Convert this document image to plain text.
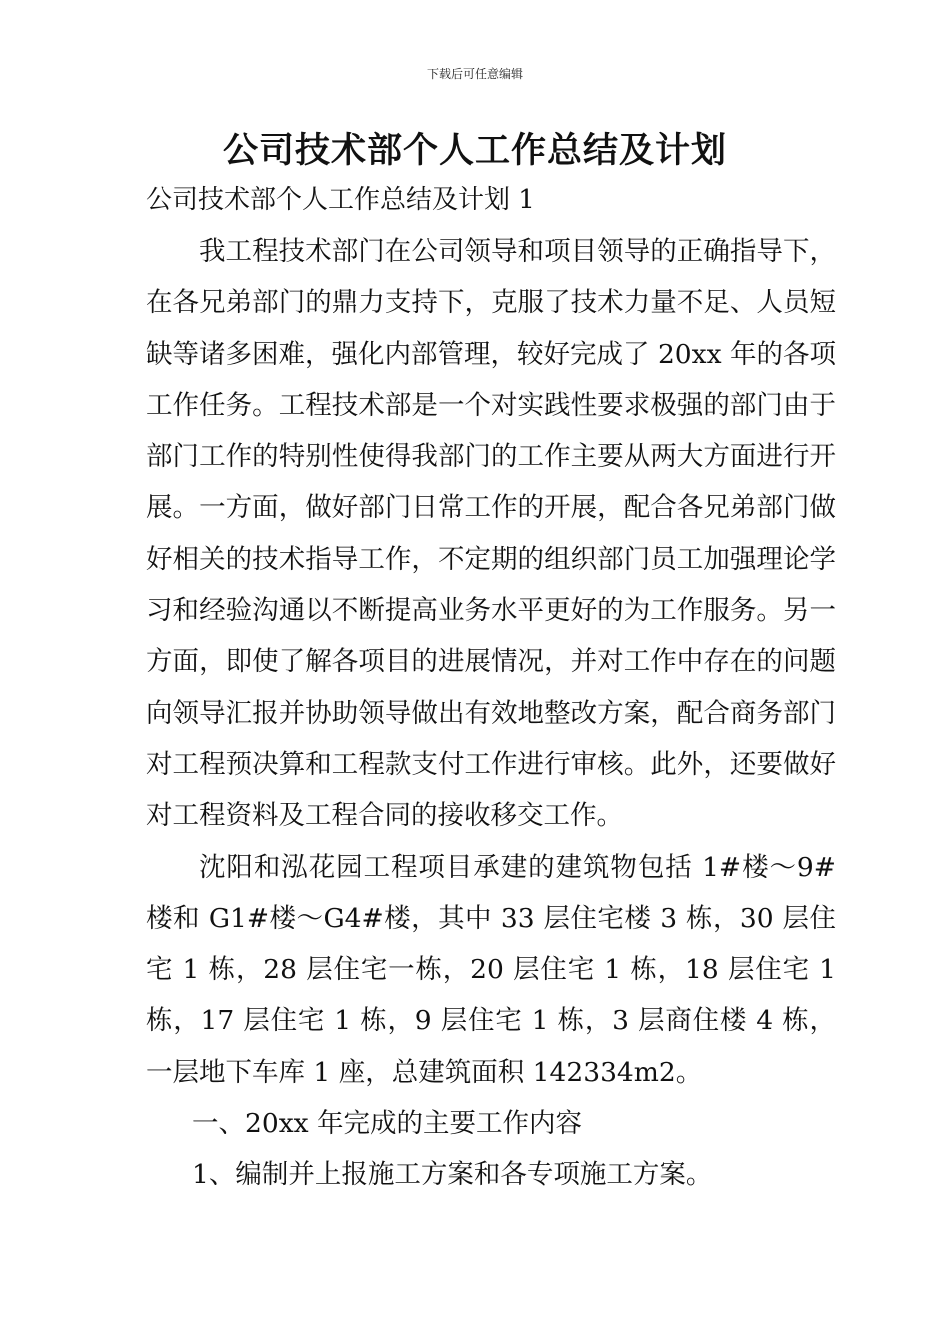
下载后可任意编辑
公司技术部个人工作总结及计划
公司技术部个人工作总结及计划 1

我工程技术部门在公司领导和项目领导的正确指导下，在各兄弟部门的鼎力支持下，克服了技术力量不足、人员短缺等诸多困难，强化内部管理，较好完成了 20xx 年的各项工作任务。工程技术部是一个对实践性要求极强的部门由于部门工作的特别性使得我部门的工作主要从两大方面进行开展。一方面，做好部门日常工作的开展，配合各兄弟部门做好相关的技术指导工作，不定期的组织部门员工加强理论学习和经验沟通以不断提高业务水平更好的为工作服务。另一方面，即使了解各项目的进展情况，并对工作中存在的问题向领导汇报并协助领导做出有效地整改方案，配合商务部门对工程预决算和工程款支付工作进行审核。此外，还要做好对工程资料及工程合同的接收移交工作。

沈阳和泓花园工程项目承建的建筑物包括 1#楼～9#楼和 G1#楼～G4#楼，其中 33 层住宅楼 3 栋，30 层住宅 1 栋，28 层住宅一栋，20 层住宅 1 栋，18 层住宅 1 栋，17 层住宅 1 栋，9 层住宅 1 栋，3 层商住楼 4 栋，一层地下车库 1 座，总建筑面积 142334m2。

一、20xx 年完成的主要工作内容

1、编制并上报施工方案和各专项施工方案。
